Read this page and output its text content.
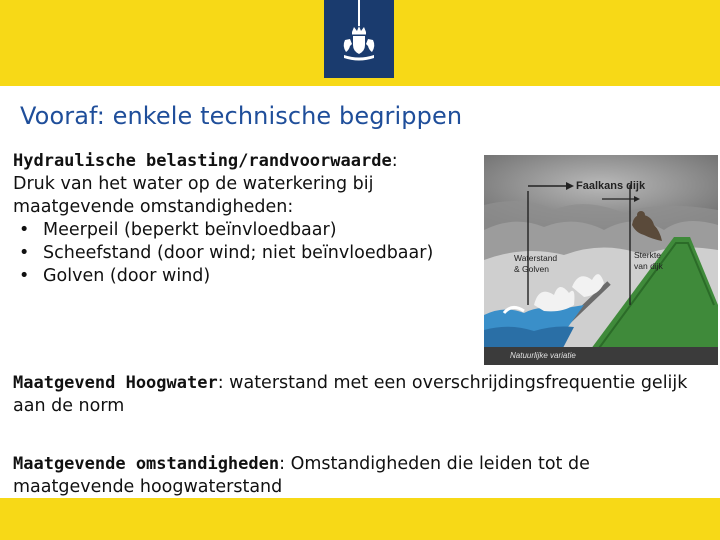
Vooraf: enkele technische begrippen

Hydraulische belasting/randvoorwaarde:

Druk van het water op de waterkering bij maatgevende omstandigheden:

• Meerpeil (beperkt beïnvloedbaar)
• Scheefstand (door wind; niet beïnvloedbaar)
• Golven (door wind)
Faalkans dijk
Waterstand
& Golven
Sterkte
van dijk
Natuurlijke variatie
Maatgevend Hoogwater: waterstand met een overschrijdingsfrequentie gelijk aan de norm
Maatgevende omstandigheden: Omstandigheden die leiden tot de maatgevende hoogwaterstand
